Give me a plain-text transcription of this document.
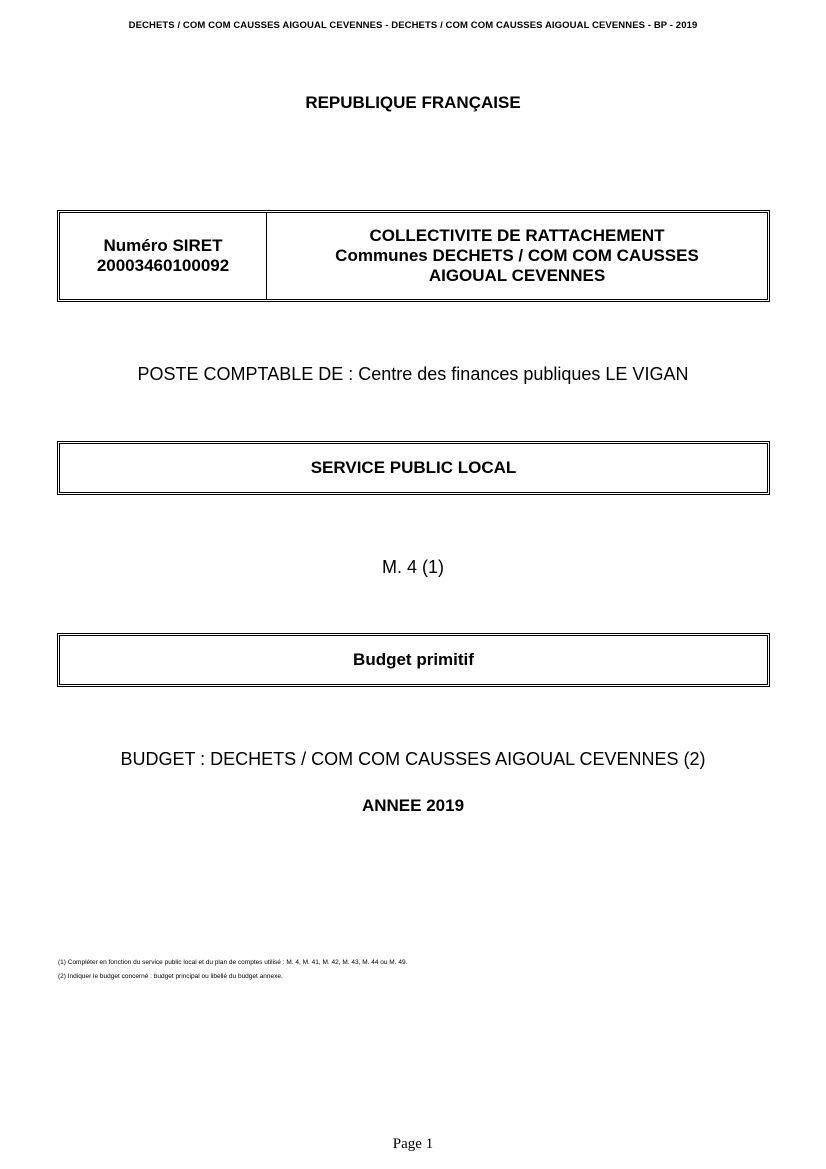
DECHETS / COM COM CAUSSES AIGOUAL CEVENNES - DECHETS / COM COM CAUSSES AIGOUAL CEVENNES - BP - 2019
REPUBLIQUE FRANÇAISE
Numéro SIRET
20003460100092
COLLECTIVITE DE RATTACHEMENT
Communes DECHETS / COM COM CAUSSES
AIGOUAL CEVENNES
POSTE COMPTABLE DE : Centre des finances publiques LE VIGAN
SERVICE PUBLIC LOCAL
M. 4 (1)
Budget primitif
BUDGET : DECHETS / COM COM CAUSSES AIGOUAL CEVENNES (2)
ANNEE 2019
(1) Compléter en fonction du service public local et du plan de comptes utilisé : M. 4, M. 41, M. 42, M. 43, M. 44 ou M. 49.
(2) Indiquer le budget concerné : budget principal ou libellé du budget annexe.
Page 1
